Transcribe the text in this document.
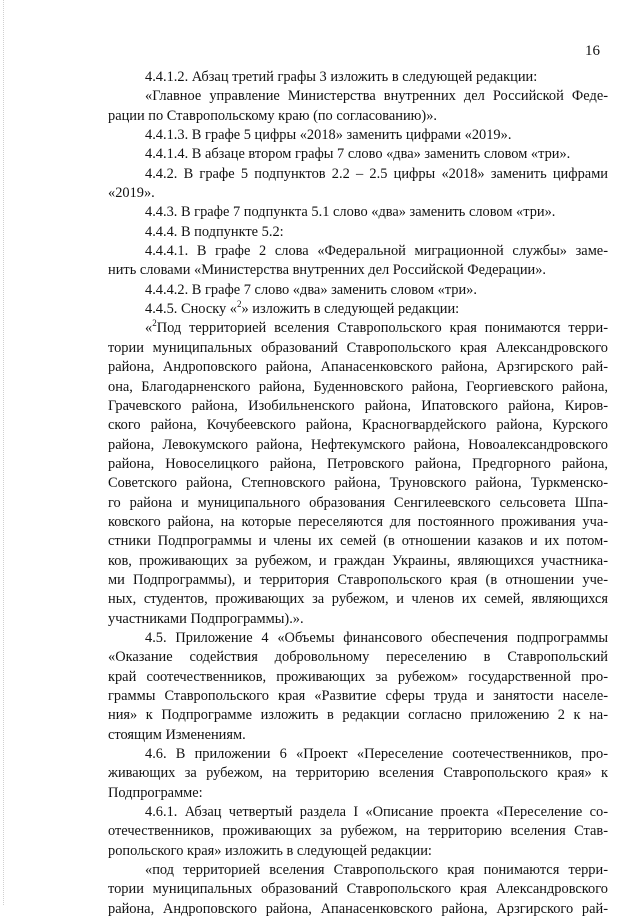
16
4.4.1.2. Абзац третий графы 3 изложить в следующей редакции:
«Главное управление Министерства внутренних дел Российской Феде-
рации по Ставропольскому краю (по согласованию)».
4.4.1.3. В графе 5 цифры «2018» заменить цифрами «2019».
4.4.1.4. В абзаце втором графы 7 слово «два» заменить словом «три».
4.4.2. В графе 5 подпунктов 2.2 – 2.5 цифры «2018» заменить цифрами
«2019».
4.4.3. В графе 7 подпункта 5.1 слово «два» заменить словом «три».
4.4.4. В подпункте 5.2:
4.4.4.1. В графе 2 слова «Федеральной миграционной службы» заме-
нить словами «Министерства внутренних дел Российской Федерации».
4.4.4.2. В графе 7 слово «два» заменить словом «три».
4.4.5. Сноску «$^2$» изложить в следующей редакции:
«$^2$Под территорией вселения Ставропольского края понимаются терри-
тории муниципальных образований Ставропольского края Александровского
района, Андроповского района, Апанасенковского района, Арзгирского рай-
она, Благодарненского района, Буденновского района, Георгиевского района,
Грачевского района, Изобильненского района, Ипатовского района, Киров-
ского района, Кочубеевского района, Красногвардейского района, Курского
района, Левокумского района, Нефтекумского района, Новоалександровского
района, Новоселицкого района, Петровского района, Предгорного района,
Советского района, Степновского района, Труновского района, Туркменско-
го района и муниципального образования Сенгилеевского сельсовета Шпа-
ковского района, на которые переселяются для постоянного проживания уча-
стники Подпрограммы и члены их семей (в отношении казаков и их потом-
ков, проживающих за рубежом, и граждан Украины, являющихся участника-
ми Подпрограммы), и территория Ставропольского края (в отношении уче-
ных, студентов, проживающих за рубежом, и членов их семей, являющихся
участниками Подпрограммы).».
4.5. Приложение 4 «Объемы финансового обеспечения подпрограммы
«Оказание содействия добровольному переселению в Ставропольский
край соотечественников, проживающих за рубежом» государственной про-
граммы Ставропольского края «Развитие сферы труда и занятости населе-
ния» к Подпрограмме изложить в редакции согласно приложению 2 к на-
стоящим Изменениям.
4.6. В приложении 6 «Проект «Переселение соотечественников, про-
живающих за рубежом, на территорию вселения Ставропольского края» к
Подпрограмме:
4.6.1. Абзац четвертый раздела I «Описание проекта «Переселение со-
отечественников, проживающих за рубежом, на территорию вселения Став-
ропольского края» изложить в следующей редакции:
«под территорией вселения Ставропольского края понимаются терри-
тории муниципальных образований Ставропольского края Александровского
района, Андроповского района, Апанасенковского района, Арзгирского рай-
